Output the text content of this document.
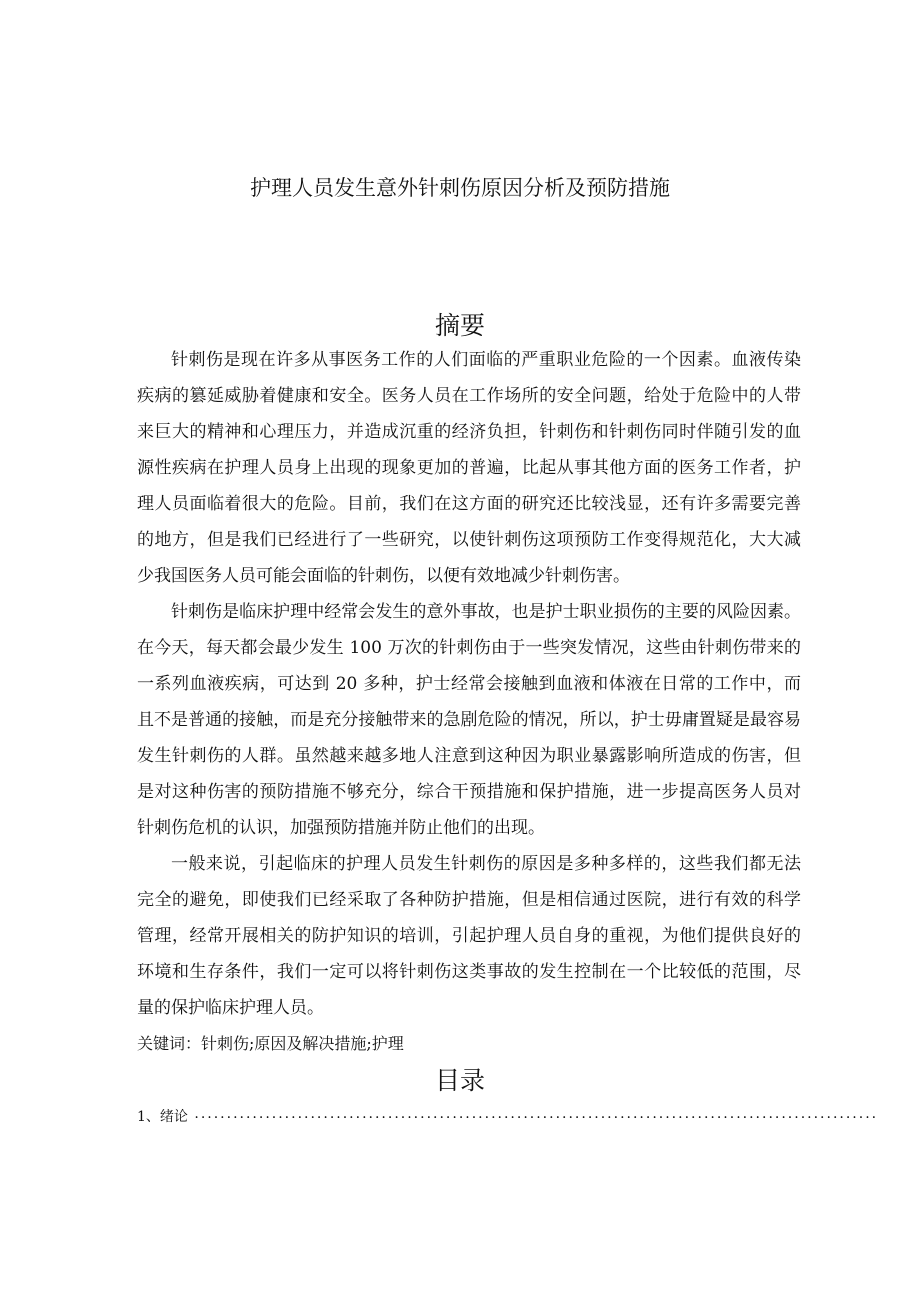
护理人员发生意外针刺伤原因分析及预防措施
摘要
针刺伤是现在许多从事医务工作的人们面临的严重职业危险的一个因素。血液传染
疾病的篡延威胁着健康和安全。医务人员在工作场所的安全问题，给处于危险中的人带
来巨大的精神和心理压力，并造成沉重的经济负担，针刺伤和针刺伤同时伴随引发的血
源性疾病在护理人员身上出现的现象更加的普遍，比起从事其他方面的医务工作者，护
理人员面临着很大的危险。目前，我们在这方面的研究还比较浅显，还有许多需要完善
的地方，但是我们已经进行了一些研究，以使针刺伤这项预防工作变得规范化，大大减
少我国医务人员可能会面临的针刺伤，以便有效地减少针刺伤害。
针刺伤是临床护理中经常会发生的意外事故，也是护士职业损伤的主要的风险因素。
在今天，每天都会最少发生 100 万次的针刺伤由于一些突发情况，这些由针刺伤带来的
一系列血液疾病，可达到 20 多种，护士经常会接触到血液和体液在日常的工作中，而
且不是普通的接触，而是充分接触带来的急剧危险的情况，所以，护士毋庸置疑是最容易
发生针刺伤的人群。虽然越来越多地人注意到这种因为职业暴露影响所造成的伤害，但
是对这种伤害的预防措施不够充分，综合干预措施和保护措施，进一步提高医务人员对
针刺伤危机的认识，加强预防措施并防止他们的出现。
一般来说，引起临床的护理人员发生针刺伤的原因是多种多样的，这些我们都无法
完全的避免，即使我们已经采取了各种防护措施，但是相信通过医院，进行有效的科学
管理，经常开展相关的防护知识的培训，引起护理人员自身的重视，为他们提供良好的
环境和生存条件，我们一定可以将针刺伤这类事故的发生控制在一个比较低的范围，尽
量的保护临床护理人员。
关键词：针刺伤;原因及解决措施;护理
目录
1、绪论 ..........................................................................................................
